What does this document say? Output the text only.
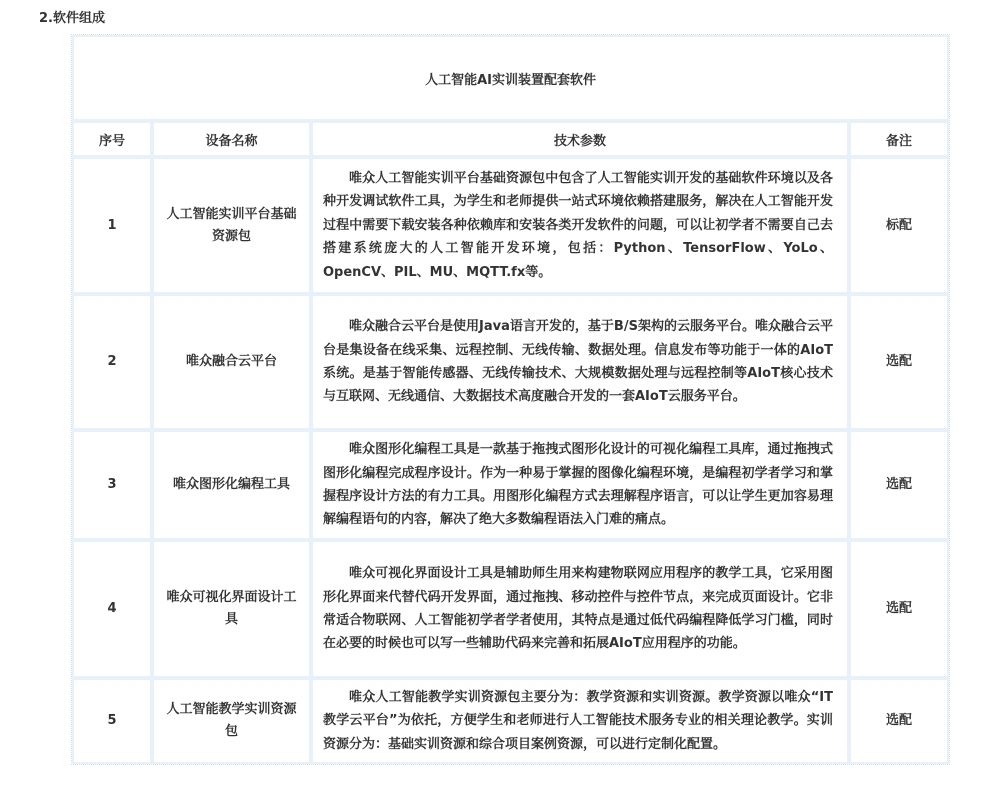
2.软件组成
人工智能AI实训装置配套软件			
序号	设备名称	技术参数	备注
1	人工智能实训平台基础资源包	唯众人工智能实训平台基础资源包中包含了人工智能实训开发的基础软件环境以及各种开发调试软件工具，为学生和老师提供一站式环境依赖搭建服务，解决在人工智能开发过程中需要下载安装各种依赖库和安装各类开发软件的问题，可以让初学者不需要自己去搭建系统庞大的人工智能开发环境，包括：Python、TensorFlow、YoLo、OpenCV、PIL、MU、MQTT.fx等。	标配
2	唯众融合云平台	唯众融合云平台是使用Java语言开发的，基于B/S架构的云服务平台。唯众融合云平台是集设备在线采集、远程控制、无线传输、数据处理。信息发布等功能于一体的AIoT系统。是基于智能传感器、无线传输技术、大规模数据处理与远程控制等AIoT核心技术与互联网、无线通信、大数据技术高度融合开发的一套AIoT云服务平台。	选配
3	唯众图形化编程工具	唯众图形化编程工具是一款基于拖拽式图形化设计的可视化编程工具库，通过拖拽式图形化编程完成程序设计。作为一种易于掌握的图像化编程环境，是编程初学者学习和掌握程序设计方法的有力工具。用图形化编程方式去理解程序语言，可以让学生更加容易理解编程语句的内容，解决了绝大多数编程语法入门难的痛点。	选配
4	唯众可视化界面设计工具	唯众可视化界面设计工具是辅助师生用来构建物联网应用程序的教学工具，它采用图形化界面来代替代码开发界面，通过拖拽、移动控件与控件节点，来完成页面设计。它非常适合物联网、人工智能初学者学者使用，其特点是通过低代码编程降低学习门槛，同时在必要的时候也可以写一些辅助代码来完善和拓展AIoT应用程序的功能。	选配
5	人工智能教学实训资源包	唯众人工智能教学实训资源包主要分为：教学资源和实训资源。教学资源以唯众“IT教学云平台”为依托，方便学生和老师进行人工智能技术服务专业的相关理论教学。实训资源分为：基础实训资源和综合项目案例资源，可以进行定制化配置。	选配
